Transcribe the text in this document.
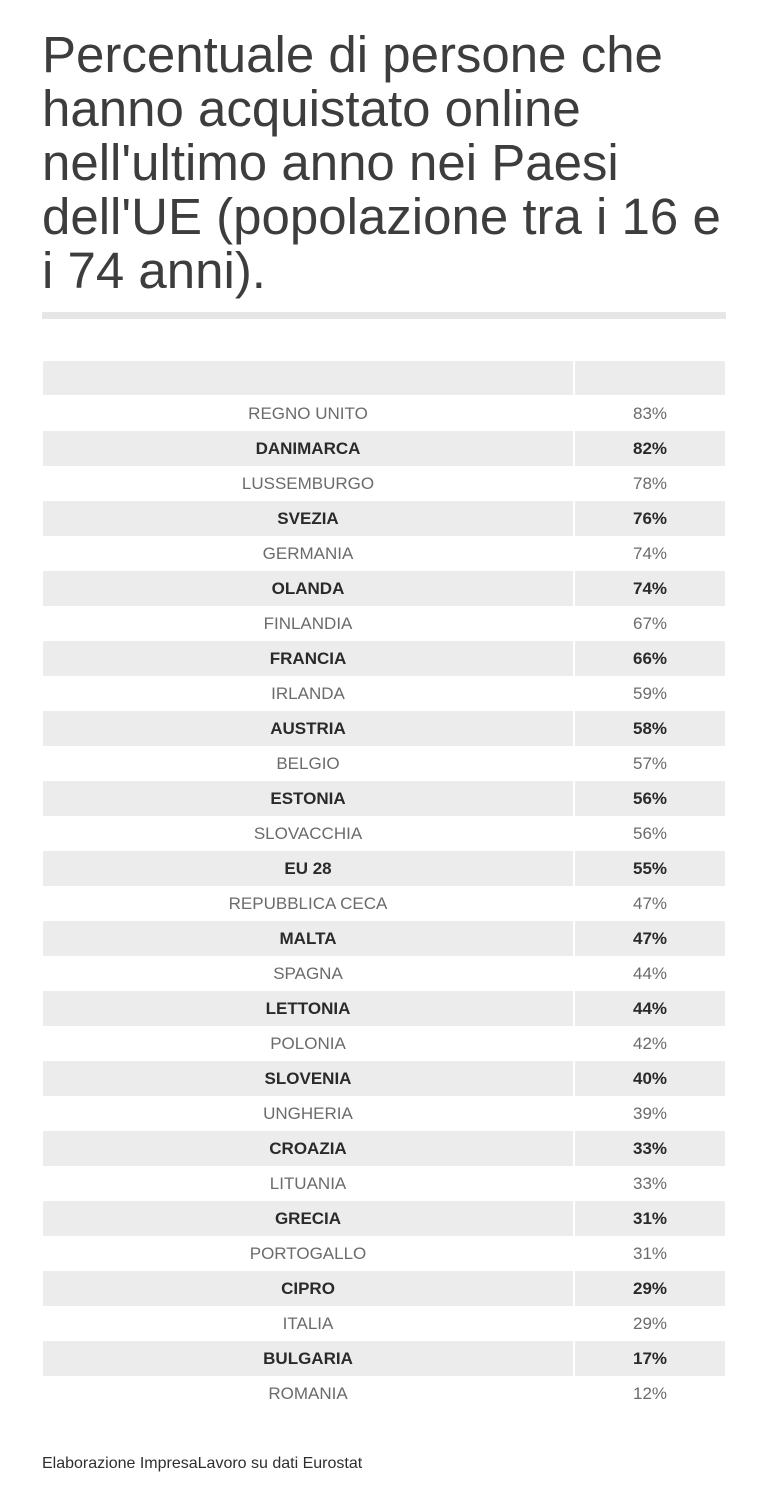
Percentuale di persone che hanno acquistato online nell'ultimo anno nei Paesi dell'UE (popolazione tra i 16 e i 74 anni).
REGNO UNITO	83%
DANIMARCA	82%
LUSSEMBURGO	78%
SVEZIA	76%
GERMANIA	74%
OLANDA	74%
FINLANDIA	67%
FRANCIA	66%
IRLANDA	59%
AUSTRIA	58%
BELGIO	57%
ESTONIA	56%
SLOVACCHIA	56%
EU 28	55%
REPUBBLICA CECA	47%
MALTA	47%
SPAGNA	44%
LETTONIA	44%
POLONIA	42%
SLOVENIA	40%
UNGHERIA	39%
CROAZIA	33%
LITUANIA	33%
GRECIA	31%
PORTOGALLO	31%
CIPRO	29%
ITALIA	29%
BULGARIA	17%
ROMANIA	12%
Elaborazione ImpresaLavoro su dati Eurostat
